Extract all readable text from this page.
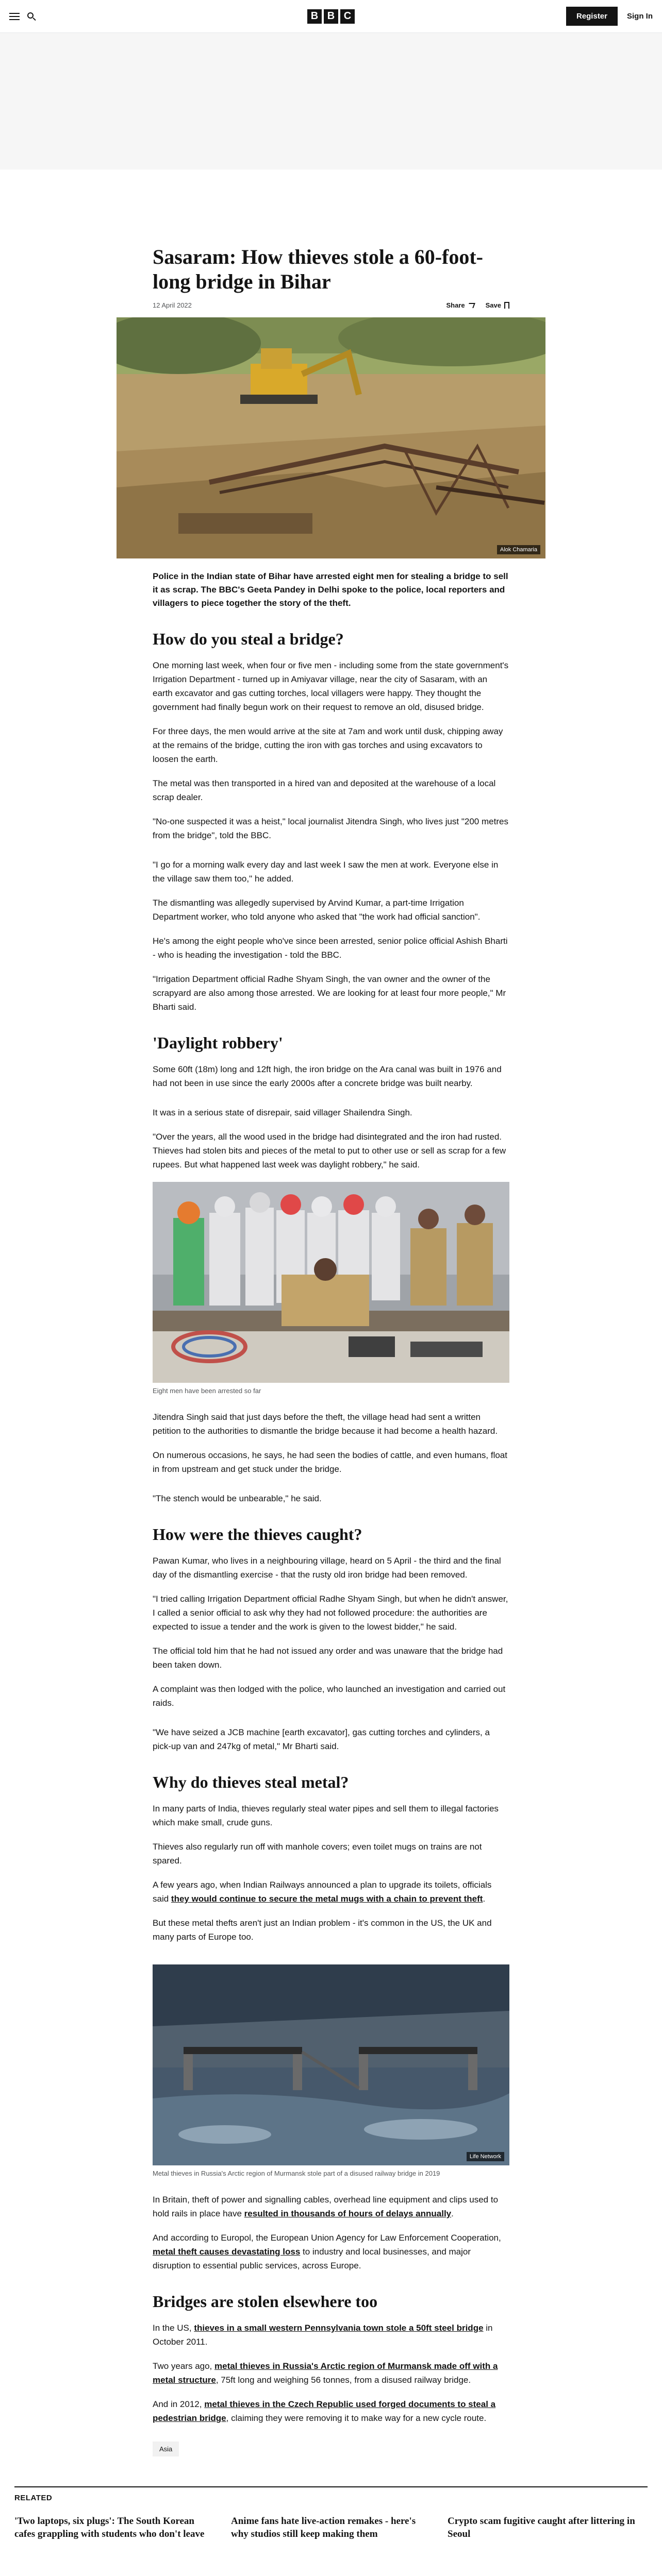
B B C	Register	Sign In
Sasaram: How thieves stole a 60-foot-long bridge in Bihar
12 April 2022	Share	Save
Alok Chamaria

Police in the Indian state of Bihar have arrested eight men for stealing a bridge to sell it as scrap. The BBC's Geeta Pandey in Delhi spoke to the police, local reporters and villagers to piece together the story of the theft.

How do you steal a bridge?

One morning last week, when four or five men - including some from the state government's Irrigation Department - turned up in Amiyavar village, near the city of Sasaram, with an earth excavator and gas cutting torches, local villagers were happy. They thought the government had finally begun work on their request to remove an old, disused bridge.

For three days, the men would arrive at the site at 7am and work until dusk, chipping away at the remains of the bridge, cutting the iron with gas torches and using excavators to loosen the earth.

The metal was then transported in a hired van and deposited at the warehouse of a local scrap dealer.

"No-one suspected it was a heist," local journalist Jitendra Singh, who lives just "200 metres from the bridge", told the BBC.

"I go for a morning walk every day and last week I saw the men at work. Everyone else in the village saw them too," he added.

The dismantling was allegedly supervised by Arvind Kumar, a part-time Irrigation Department worker, who told anyone who asked that "the work had official sanction".

He's among the eight people who've since been arrested, senior police official Ashish Bharti - who is heading the investigation - told the BBC.

"Irrigation Department official Radhe Shyam Singh, the van owner and the owner of the scrapyard are also among those arrested. We are looking for at least four more people," Mr Bharti said.

'Daylight robbery'

Some 60ft (18m) long and 12ft high, the iron bridge on the Ara canal was built in 1976 and had not been in use since the early 2000s after a concrete bridge was built nearby.

It was in a serious state of disrepair, said villager Shailendra Singh.

"Over the years, all the wood used in the bridge had disintegrated and the iron had rusted. Thieves had stolen bits and pieces of the metal to put to other use or sell as scrap for a few rupees. But what happened last week was daylight robbery," he said.

Eight men have been arrested so far

Jitendra Singh said that just days before the theft, the village head had sent a written petition to the authorities to dismantle the bridge because it had become a health hazard.

On numerous occasions, he says, he had seen the bodies of cattle, and even humans, float in from upstream and get stuck under the bridge.

"The stench would be unbearable," he said.

How were the thieves caught?

Pawan Kumar, who lives in a neighbouring village, heard on 5 April - the third and the final day of the dismantling exercise - that the rusty old iron bridge had been removed.

"I tried calling Irrigation Department official Radhe Shyam Singh, but when he didn't answer, I called a senior official to ask why they had not followed procedure: the authorities are expected to issue a tender and the work is given to the lowest bidder," he said.

The official told him that he had not issued any order and was unaware that the bridge had been taken down.

A complaint was then lodged with the police, who launched an investigation and carried out raids.

"We have seized a JCB machine [earth excavator], gas cutting torches and cylinders, a pick-up van and 247kg of metal," Mr Bharti said.

Why do thieves steal metal?

In many parts of India, thieves regularly steal water pipes and sell them to illegal factories which make small, crude guns.

Thieves also regularly run off with manhole covers; even toilet mugs on trains are not spared.

A few years ago, when Indian Railways announced a plan to upgrade its toilets, officials said they would continue to secure the metal mugs with a chain to prevent theft.

But these metal thefts aren't just an Indian problem - it's common in the US, the UK and many parts of Europe too.

Life Network

Metal thieves in Russia's Arctic region of Murmansk stole part of a disused railway bridge in 2019

In Britain, theft of power and signalling cables, overhead line equipment and clips used to hold rails in place have resulted in thousands of hours of delays annually.

And according to Europol, the European Union Agency for Law Enforcement Cooperation, metal theft causes devastating loss to industry and local businesses, and major disruption to essential public services, across Europe.

Bridges are stolen elsewhere too

In the US, thieves in a small western Pennsylvania town stole a 50ft steel bridge in October 2011.

Two years ago, metal thieves in Russia's Arctic region of Murmansk made off with a metal structure, 75ft long and weighing 56 tonnes, from a disused railway bridge.

And in 2012, metal thieves in the Czech Republic used forged documents to steal a pedestrian bridge, claiming they were removing it to make way for a new cycle route.

Asia
RELATED
'Two laptops, six plugs': The South Korean cafes grappling with students who don't leave
Anime fans hate live-action remakes - here's why studios still keep making them
Crypto scam fugitive caught after littering in Seoul
